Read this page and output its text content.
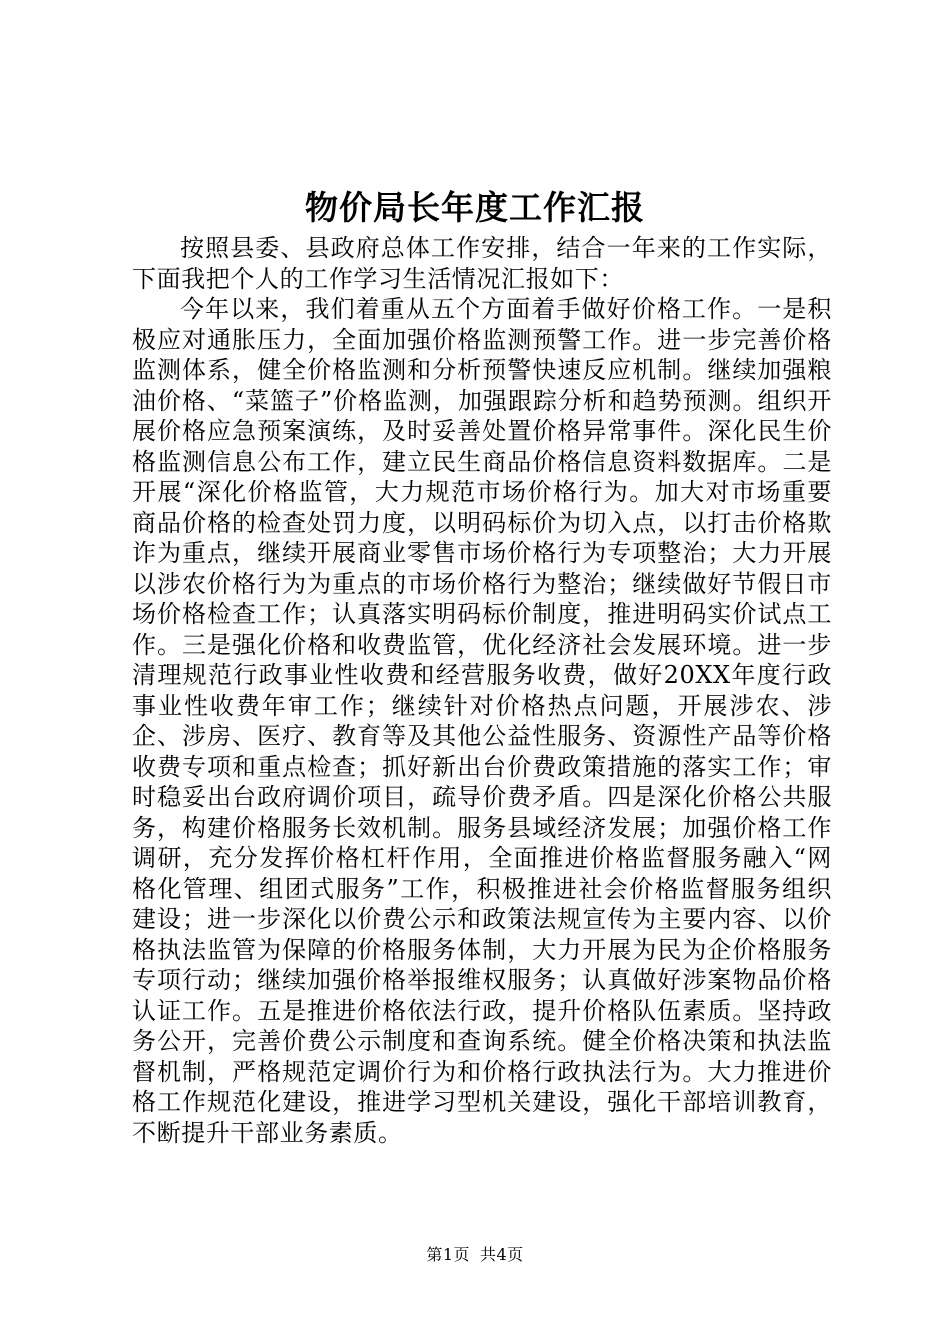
物价局长年度工作汇报

按照县委、县政府总体工作安排，结合一年来的工作实际，下面我把个人的工作学习生活情况汇报如下：

今年以来，我们着重从五个方面着手做好价格工作。一是积极应对通胀压力，全面加强价格监测预警工作。进一步完善价格监测体系，健全价格监测和分析预警快速反应机制。继续加强粮油价格、“菜篮子”价格监测，加强跟踪分析和趋势预测。组织开展价格应急预案演练，及时妥善处置价格异常事件。深化民生价格监测信息公布工作，建立民生商品价格信息资料数据库。二是开展“深化价格监管，大力规范市场价格行为。加大对市场重要商品价格的检查处罚力度，以明码标价为切入点，以打击价格欺诈为重点，继续开展商业零售市场价格行为专项整治；大力开展以涉农价格行为为重点的市场价格行为整治；继续做好节假日市场价格检查工作；认真落实明码标价制度，推进明码实价试点工作。三是强化价格和收费监管，优化经济社会发展环境。进一步清理规范行政事业性收费和经营服务收费，做好20XX年度行政事业性收费年审工作；继续针对价格热点问题，开展涉农、涉企、涉房、医疗、教育等及其他公益性服务、资源性产品等价格收费专项和重点检查；抓好新出台价费政策措施的落实工作；审时稳妥出台政府调价项目，疏导价费矛盾。四是深化价格公共服务，构建价格服务长效机制。服务县域经济发展；加强价格工作调研，充分发挥价格杠杆作用，全面推进价格监督服务融入“网格化管理、组团式服务”工作，积极推进社会价格监督服务组织建设；进一步深化以价费公示和政策法规宣传为主要内容、以价格执法监管为保障的价格服务体制，大力开展为民为企价格服务专项行动；继续加强价格举报维权服务；认真做好涉案物品价格认证工作。五是推进价格依法行政，提升价格队伍素质。坚持政务公开，完善价费公示制度和查询系统。健全价格决策和执法监督机制，严格规范定调价行为和价格行政执法行为。大力推进价格工作规范化建设，推进学习型机关建设，强化干部培训教育，不断提升干部业务素质。

第1页 共4页
